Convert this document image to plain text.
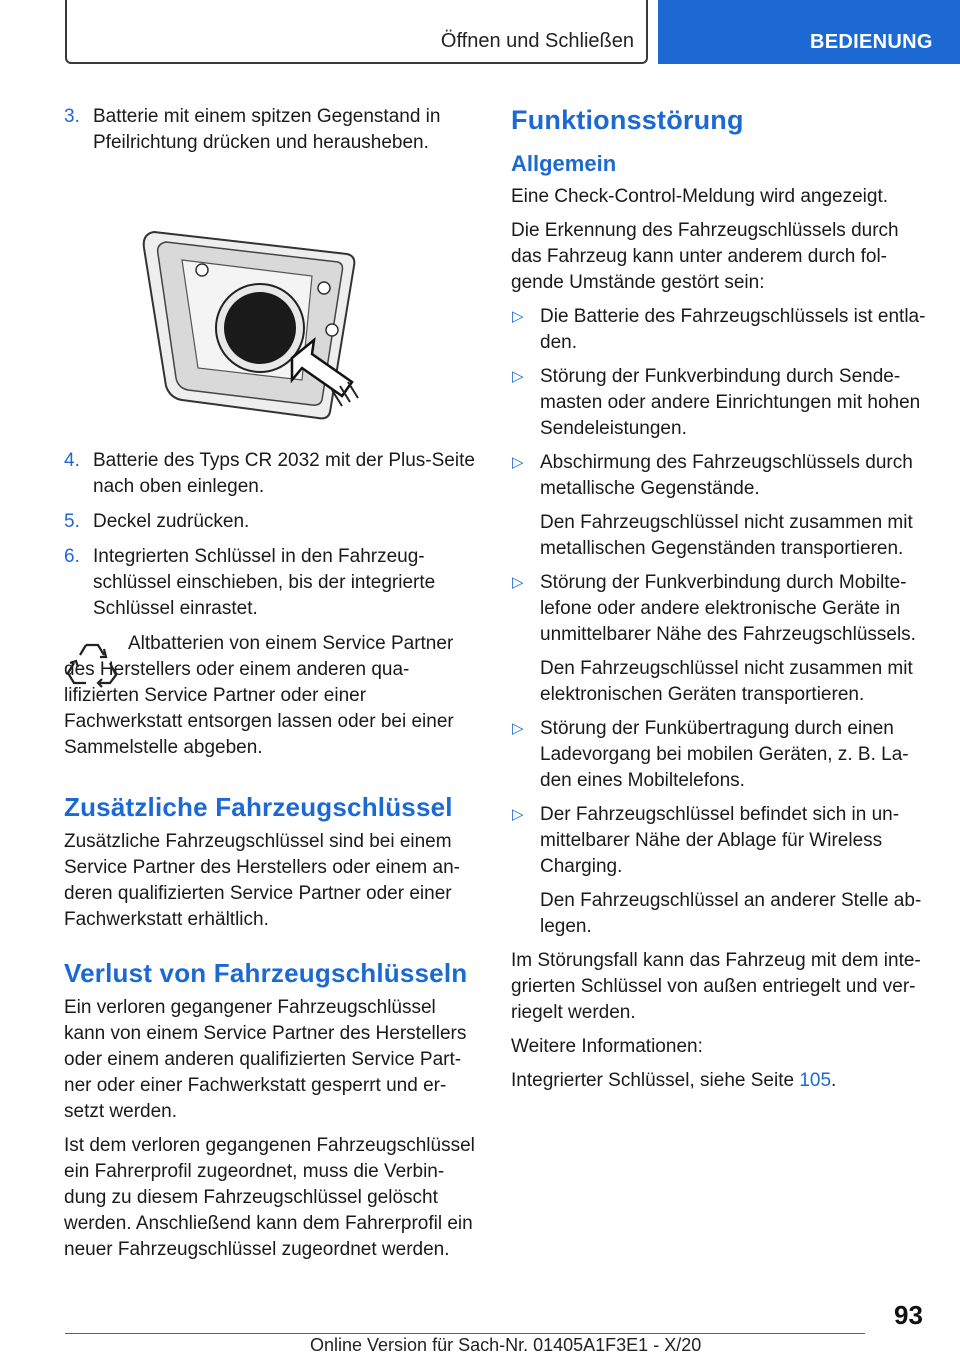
Öffnen und Schließen	BEDIENUNG
3. Batterie mit einem spitzen Gegenstand in Pfeilrichtung drücken und herausheben.
4. Batterie des Typs CR 2032 mit der Plus-Seite nach oben einlegen.
5. Deckel zudrücken.
6. Integrierten Schlüssel in den Fahrzeug-schlüssel einschieben, bis der integrierte Schlüssel einrastet.
Altbatterien von einem Service Partner des Herstellers oder einem anderen qua-lifizierten Service Partner oder einer Fachwerkstatt entsorgen lassen oder bei einer Sammelstelle abgeben.
Zusätzliche Fahrzeugschlüssel

Zusätzliche Fahrzeugschlüssel sind bei einem Service Partner des Herstellers oder einem an-deren qualifizierten Service Partner oder einer Fachwerkstatt erhältlich.

Verlust von Fahrzeugschlüsseln

Ein verloren gegangener Fahrzeugschlüssel kann von einem Service Partner des Herstellers oder einem anderen qualifizierten Service Part-ner oder einer Fachwerkstatt gesperrt und er-setzt werden.

Ist dem verloren gegangenen Fahrzeugschlüssel ein Fahrerprofil zugeordnet, muss die Verbin-dung zu diesem Fahrzeugschlüssel gelöscht werden. Anschließend kann dem Fahrerprofil ein neuer Fahrzeugschlüssel zugeordnet werden.

Funktionsstörung
Allgemein

Eine Check-Control-Meldung wird angezeigt.

Die Erkennung des Fahrzeugschlüssels durch das Fahrzeug kann unter anderem durch fol-gende Umstände gestört sein:

▷ Die Batterie des Fahrzeugschlüssels ist entla-den.
▷ Störung der Funkverbindung durch Sende-masten oder andere Einrichtungen mit hohen Sendeleistungen.
▷ Abschirmung des Fahrzeugschlüssels durch metallische Gegenstände.
Den Fahrzeugschlüssel nicht zusammen mit metallischen Gegenständen transportieren.
▷ Störung der Funkverbindung durch Mobilte-lefone oder andere elektronische Geräte in unmittelbarer Nähe des Fahrzeugschlüssels.
Den Fahrzeugschlüssel nicht zusammen mit elektronischen Geräten transportieren.
▷ Störung der Funkübertragung durch einen Ladevorgang bei mobilen Geräten, z. B. La-den eines Mobiltelefons.
▷ Der Fahrzeugschlüssel befindet sich in un-mittelbarer Nähe der Ablage für Wireless Charging.
Den Fahrzeugschlüssel an anderer Stelle ab-legen.

Im Störungsfall kann das Fahrzeug mit dem inte-grierten Schlüssel von außen entriegelt und ver-riegelt werden.

Weitere Informationen:

Integrierter Schlüssel, siehe Seite 105.

93
Online Version für Sach-Nr. 01405A1F3E1 - X/20
